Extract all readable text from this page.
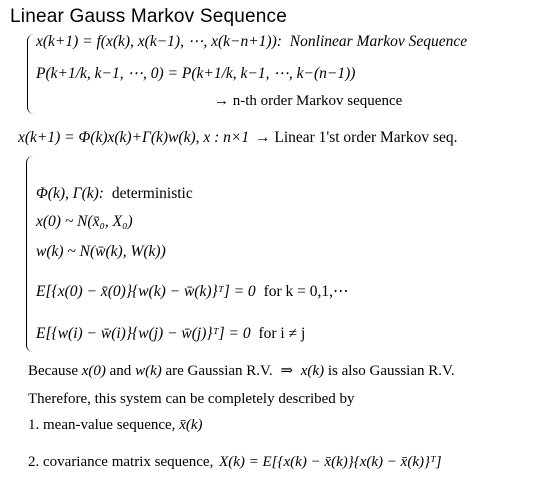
Linear Gauss Markov Sequence
x(k+1) = f(x(k), x(k−1), ⋯, x(k−n+1)): Nonlinear Markov Sequence
P(k+1/k, k−1, ⋯, 0) = P(k+1/k, k−1, ⋯, k−(n−1))
→ n-th order Markov sequence
x(k+1) = Φ(k)x(k)+Γ(k)w(k), x : n×1 → Linear 1'st order Markov seq.
Φ(k), Γ(k): deterministic
x(0) ~ N(x̄₀, X₀)
w(k) ~ N(w̄(k), W(k))
E[{x(0) − x̄(0)}{w(k) − w̄(k)}ᵀ] = 0 for k = 0,1,⋯
E[{w(i) − w̄(i)}{w(j) − w̄(j)}ᵀ] = 0 for i ≠ j
Because x(0) and w(k) are Gaussian R.V. ⇒ x(k) is also Gaussian R.V.
Therefore, this system can be completely described by
1. mean-value sequence, x̄(k)
2. covariance matrix sequence, X(k) = E[{x(k) − x̄(k)}{x(k) − x̄(k)}ᵀ]
